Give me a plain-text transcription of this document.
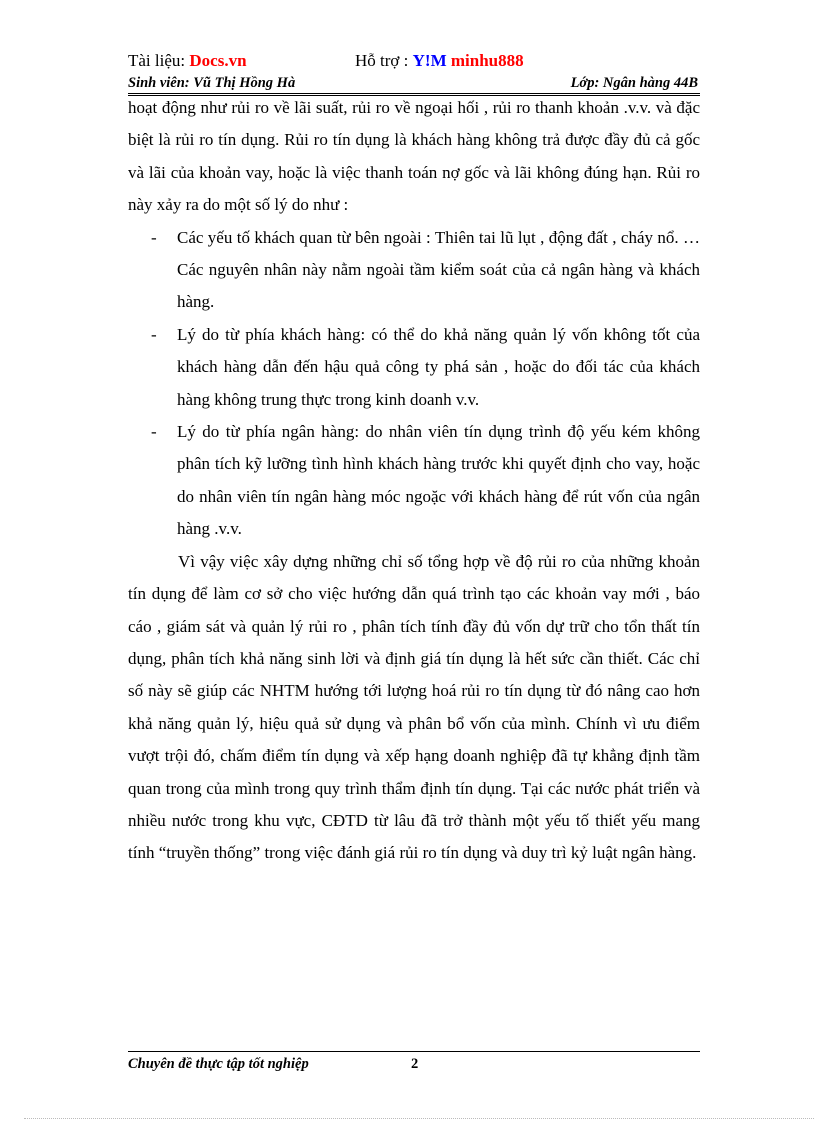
Tài liệu: Docs.vn	Hỗ trợ : Y!M minhu888
Sinh viên: Vũ Thị Hồng Hà	Lớp: Ngân hàng 44B

hoạt động như rủi ro về lãi suất, rủi ro về ngoại hối , rủi ro thanh khoản .v.v. và đặc biệt là rủi ro tín dụng. Rủi ro tín dụng là khách hàng không trả được đầy đủ cả gốc và lãi của khoản vay, hoặc là việc thanh toán nợ gốc và lãi không đúng hạn. Rủi ro này xảy ra do một số lý do như :

- Các yếu tố khách quan từ bên ngoài : Thiên tai lũ lụt , động đất , cháy nổ. … Các nguyên nhân này nằm ngoài tầm kiểm soát của cả ngân hàng và khách hàng.
- Lý do từ phía khách hàng: có thể do khả năng quản lý vốn không tốt của khách hàng dẫn đến hậu quả công ty phá sản , hoặc do đối tác của khách hàng không trung thực trong kinh doanh v.v.
- Lý do từ phía ngân hàng: do nhân viên tín dụng trình độ yếu kém không phân tích kỹ lưỡng tình hình khách hàng trước khi quyết định cho vay, hoặc do nhân viên tín ngân hàng móc ngoặc với khách hàng để rút vốn của ngân hàng .v.v.

Vì vậy việc xây dựng những chỉ số tổng hợp về độ rủi ro của những khoản tín dụng để làm cơ sở cho việc hướng dẫn quá trình tạo các khoản vay mới , báo cáo , giám sát và quản lý rủi ro , phân tích tính đầy đủ vốn dự trữ cho tổn thất tín dụng, phân tích khả năng sinh lời và định giá tín dụng là hết sức cần thiết. Các chỉ số này sẽ giúp các NHTM hướng tới lượng hoá rủi ro tín dụng từ đó nâng cao hơn khả năng quản lý, hiệu quả sử dụng và phân bổ vốn của mình. Chính vì ưu điểm vượt trội đó, chấm điểm tín dụng và xếp hạng doanh nghiệp đã tự khẳng định tầm quan trong của mình trong quy trình thẩm định tín dụng. Tại các nước phát triển và nhiều nước trong khu vực, CĐTD từ lâu đã trở thành một yếu tố thiết yếu mang tính “truyền thống” trong việc đánh giá rủi ro tín dụng và duy trì kỷ luật ngân hàng.

Chuyên đề thực tập tốt nghiệp	2
